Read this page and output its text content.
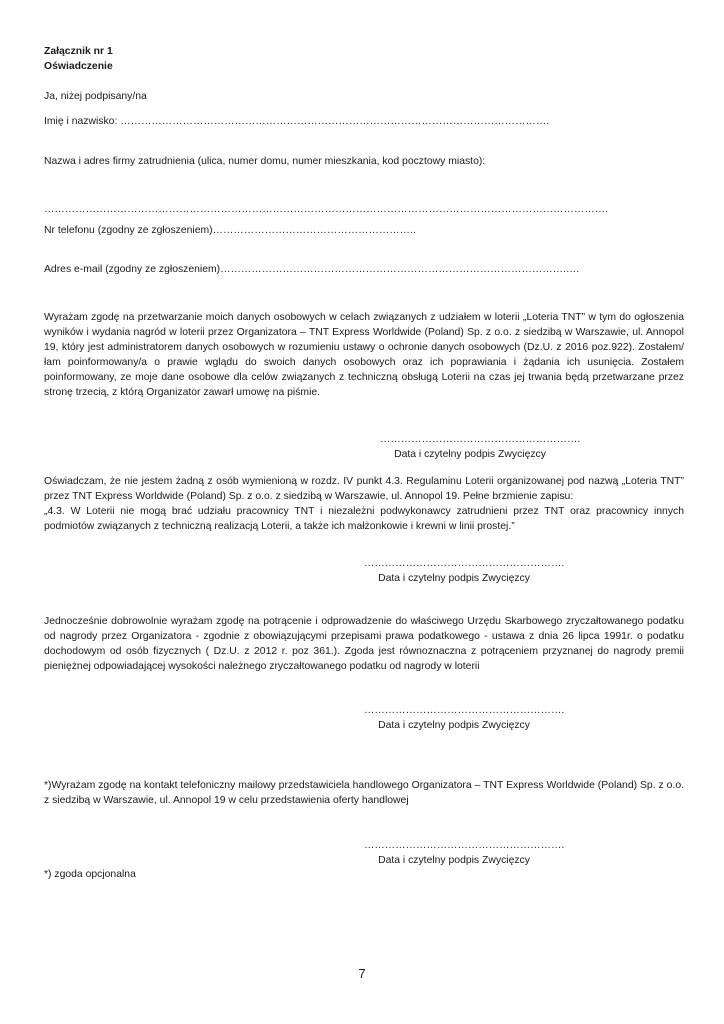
Załącznik nr 1
Oświadczenie
Ja, niżej podpisany/na
Imię i nazwisko: …………………………………………………………………………………………………………….
Nazwa i adres firmy zatrudnienia (ulica, numer domu, numer mieszkania, kod pocztowy miasto):
……………………………………………………………………………………………………………………………………………….
Nr telefonu (zgodny ze zgłoszeniem)…………………………………………………..
Adres e-mail (zgodny ze zgłoszeniem)……………………………………………………………………………………….….
Wyrażam zgodę na przetwarzanie moich danych osobowych w celach związanych z udziałem w loterii „Loteria TNT” w tym do ogłoszenia wyników i wydania nagród w loterii przez Organizatora – TNT Express Worldwide (Poland) Sp. z o.o. z siedzibą w Warszawie, ul. Annopol 19, który jest administratorem danych osobowych w rozumieniu ustawy o ochronie danych osobowych (Dz.U. z 2016 poz.922). Zostałem/łam poinformowany/a o prawie wglądu do swoich danych osobowych oraz ich poprawiania i żądania ich usunięcia. Zostałem poinformowany, ze moje dane osobowe dla celów związanych z techniczną obsługą Loterii na czas jej trwania będą przetwarzane przez stronę trzecią, z którą Organizator zawarł umowę na piśmie.
………………………………………………….
Data i czytelny podpis Zwycięzcy
Oświadczam, że nie jestem żadną z osób wymienioną w rozdz. IV punkt 4.3. Regulaminu Loterii organizowanej pod nazwą „Loteria TNT” przez TNT Express Worldwide (Poland) Sp. z o.o. z siedzibą w Warszawie, ul. Annopol 19. Pełne brzmienie zapisu:
„4.3. W Loterii nie mogą brać udziału pracownicy TNT i niezależni podwykonawcy zatrudnieni przez TNT oraz pracownicy innych podmiotów związanych z techniczną realizacją Loterii, a także ich małżonkowie i krewni w linii prostej.”
………………………………………………….
Data i czytelny podpis Zwycięzcy
Jednocześnie dobrowolnie wyrażam zgodę na potrącenie i odprowadzenie do właściwego Urzędu Skarbowego zryczałtowanego podatku od nagrody przez Organizatora - zgodnie z obowiązującymi przepisami prawa podatkowego - ustawa z dnia 26 lipca 1991r. o podatku dochodowym od osób fizycznych ( Dz.U. z 2012 r. poz 361.). Zgoda jest równoznaczna z potrąceniem przyznanej do nagrody premii pieniężnej odpowiadającej wysokości należnego zryczałtowanego podatku od nagrody w loterii
………………………………………………….
Data i czytelny podpis Zwycięzcy
*)Wyrażam zgodę na kontakt telefoniczny mailowy przedstawiciela handlowego Organizatora – TNT Express Worldwide (Poland) Sp. z o.o. z siedzibą w Warszawie, ul. Annopol 19 w celu przedstawienia oferty handlowej
………………………………………………….
Data i czytelny podpis Zwycięzcy
*) zgoda opcjonalna
7
